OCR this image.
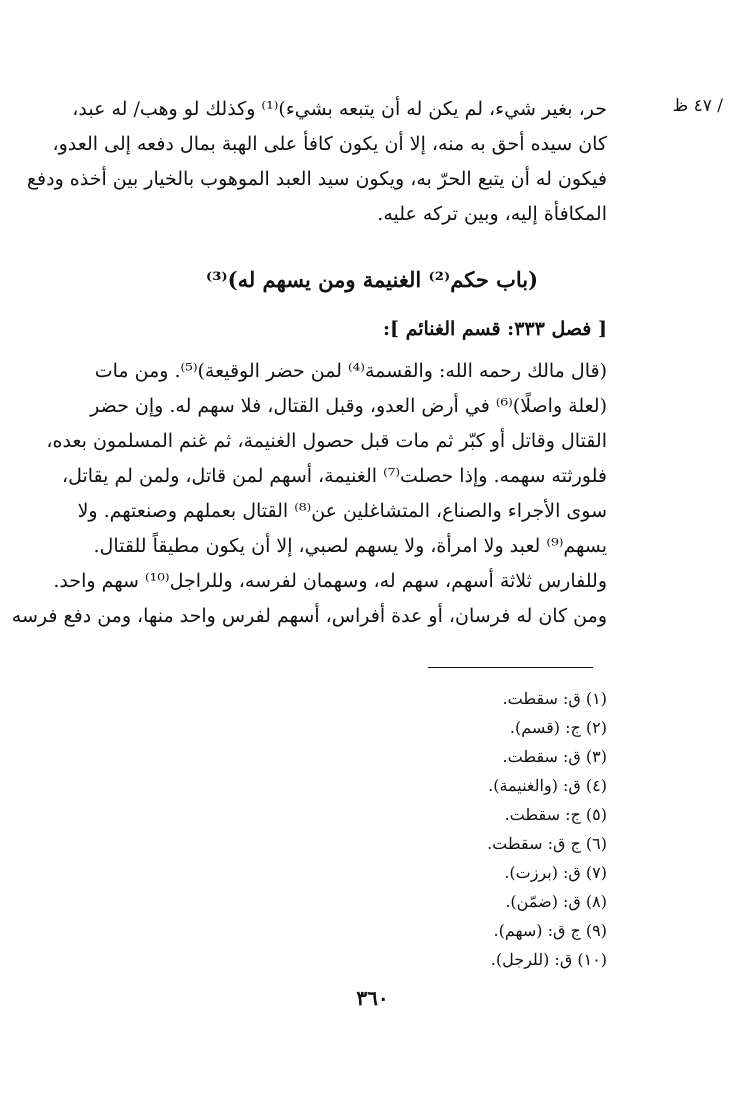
/ ٤٧ ظ
حر، بغير شيء، لم يكن له أن يتبعه بشيء)⁽¹⁾ وكذلك لو وهب/ له عبد،
كان سيده أحق به منه، إلا أن يكون كافأ على الهبة بمال دفعه إلى العدو،
فيكون له أن يتبع الحرّ به، ويكون سيد العبد الموهوب بالخيار بين أخذه ودفع
المكافأة إليه، وبين تركه عليه.
(باب حكم⁽²⁾ الغنيمة ومن يسهم له)⁽³⁾
[ فصل ٣٣٣: قسم الغنائم ]:
(قال مالك رحمه الله: والقسمة⁽⁴⁾ لمن حضر الوقيعة)⁽⁵⁾. ومن مات
(لعلة واصلًا)⁽⁶⁾ في أرض العدو، وقبل القتال، فلا سهم له. وإن حضر
القتال وقاتل أو كبّر ثم مات قبل حصول الغنيمة، ثم غنم المسلمون بعده،
فلورثته سهمه. وإذا حصلت⁽⁷⁾ الغنيمة، أسهم لمن قاتل، ولمن لم يقاتل،
سوى الأجراء والصناع، المتشاغلين عن⁽⁸⁾ القتال بعملهم وصنعتهم. ولا
يسهم⁽⁹⁾ لعبد ولا امرأة، ولا يسهم لصبي، إلا أن يكون مطيقاً للقتال.
وللفارس ثلاثة أسهم، سهم له، وسهمان لفرسه، وللراجل⁽¹⁰⁾ سهم واحد.
ومن كان له فرسان، أو عدة أفراس، أسهم لفرس واحد منها، ومن دفع فرسه
(١) ق: سقطت.
(٢) ج: (قسم).
(٣) ق: سقطت.
(٤) ق: (والغنيمة).
(٥) ج: سقطت.
(٦) ج ق: سقطت.
(٧) ق: (برزت).
(٨) ق: (ضمّن).
(٩) ج ق: (سهم).
(١٠) ق: (للرجل).
٣٦٠
